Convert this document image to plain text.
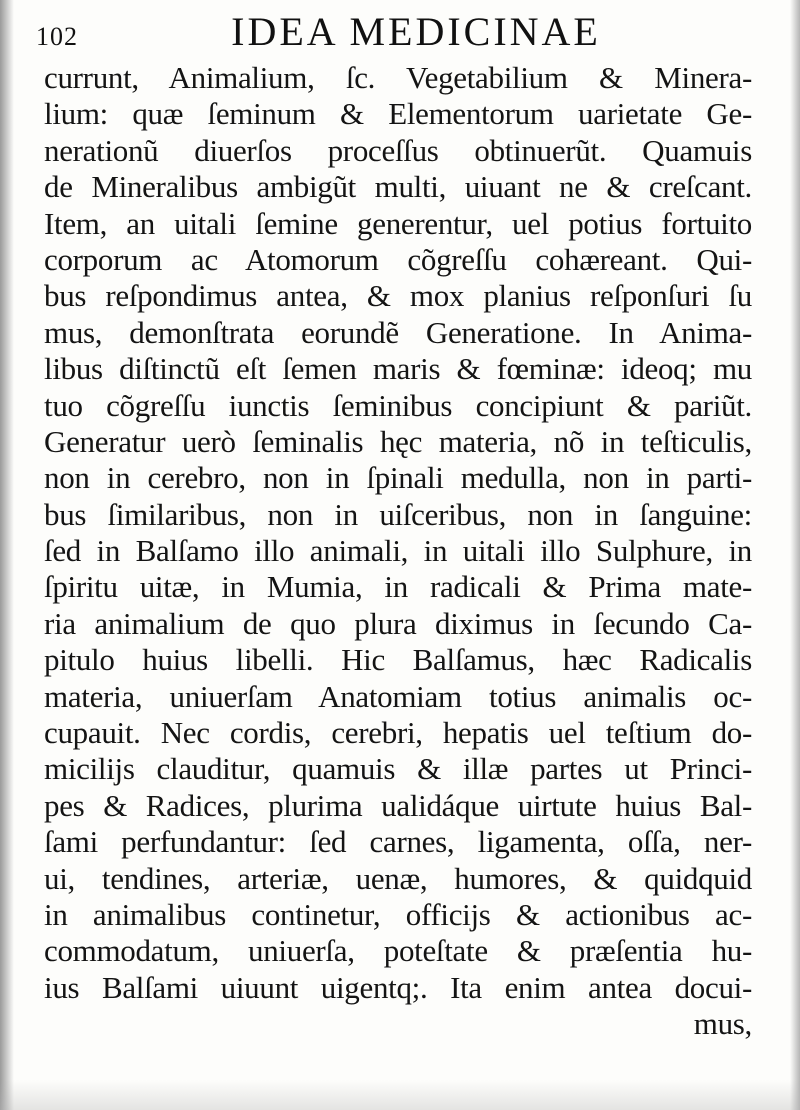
102	IDEA MEDICINAE
currunt, Animalium, ſc. Vegetabilium & Minera-
lium: quæ ſeminum & Elementorum uarietate Ge-
nerationũ diuerſos proceſſus obtinuerũt. Quamuis
de Mineralibus ambigũt multi, uiuant ne & creſcant.
Item, an uitali ſemine generentur, uel potius fortuito
corporum ac Atomorum cõgreſſu cohæreant. Qui-
bus reſpondimus antea, & mox planius reſponſuri ſu
mus, demonſtrata eorundẽ Generatione. In Anima-
libus diſtinctũ eſt ſemen maris & fœminæ: ideoq; mu
tuo cõgreſſu iunctis ſeminibus concipiunt & pariũt.
Generatur uerò ſeminalis hęc materia, nõ in teſticulis,
non in cerebro, non in ſpinali medulla, non in parti-
bus ſimilaribus, non in uiſceribus, non in ſanguine:
ſed in Balſamo illo animali, in uitali illo Sulphure, in
ſpiritu uitæ, in Mumia, in radicali & Prima mate-
ria animalium de quo plura diximus in ſecundo Ca-
pitulo huius libelli. Hic Balſamus, hæc Radicalis
materia, uniuerſam Anatomiam totius animalis oc-
cupauit. Nec cordis, cerebri, hepatis uel teſtium do-
micilijs clauditur, quamuis & illæ partes ut Princi-
pes & Radices, plurima ualidáque uirtute huius Bal-
ſami perfundantur: ſed carnes, ligamenta, oſſa, ner-
ui, tendines, arteriæ, uenæ, humores, & quidquid
in animalibus continetur, officijs & actionibus ac-
commodatum, uniuerſa, poteſtate & præſentia hu-
ius Balſami uiuunt uigentq;. Ita enim antea docui-
mus,
